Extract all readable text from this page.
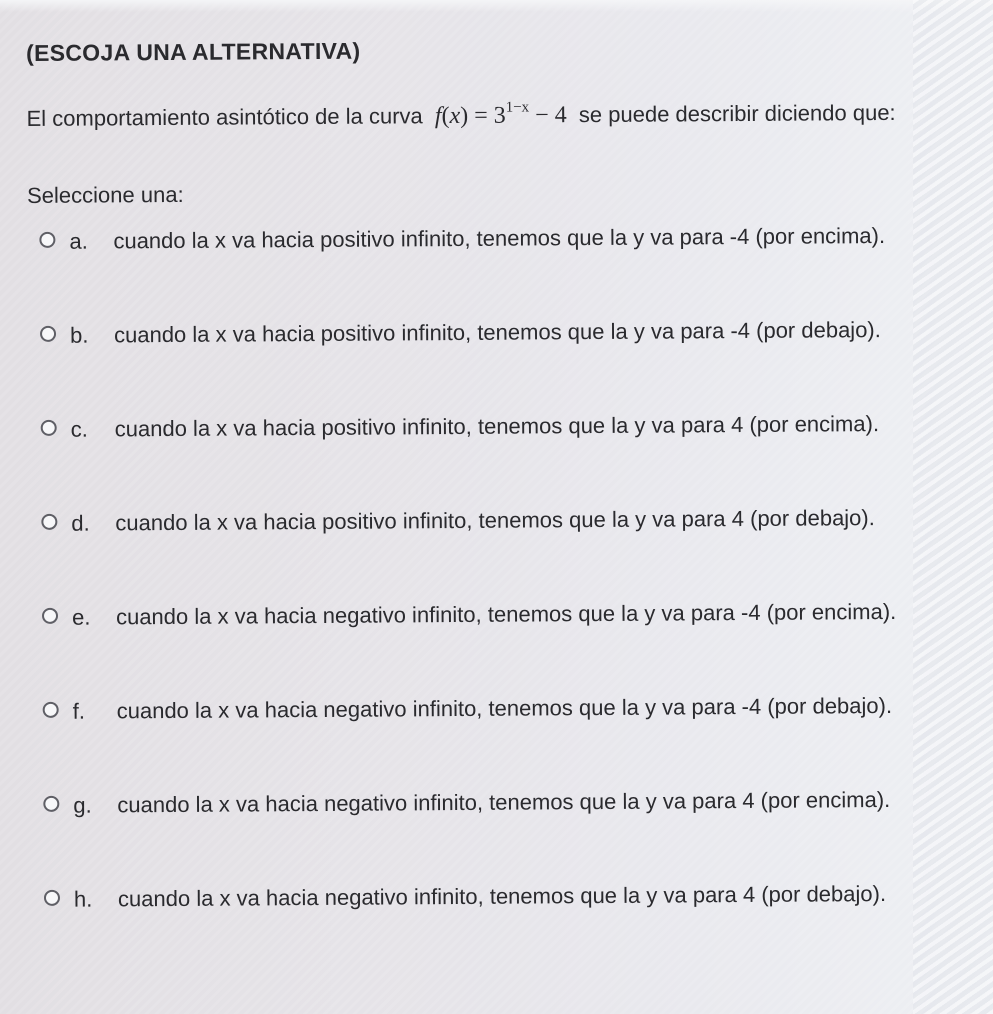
(ESCOJA UNA ALTERNATIVA)

El comportamiento asintótico de la curva $f(x) = 3^{1-x} - 4$ se puede describir diciendo que:

Seleccione una:
a.	cuando la x va hacia positivo infinito, tenemos que la y va para -4 (por encima).
b.	cuando la x va hacia positivo infinito, tenemos que la y va para -4 (por debajo).
c.	cuando la x va hacia positivo infinito, tenemos que la y va para 4 (por encima).
d.	cuando la x va hacia positivo infinito, tenemos que la y va para 4 (por debajo).
e.	cuando la x va hacia negativo infinito, tenemos que la y va para -4 (por encima).
f.	cuando la x va hacia negativo infinito, tenemos que la y va para -4 (por debajo).
g.	cuando la x va hacia negativo infinito, tenemos que la y va para 4 (por encima).
h.	cuando la x va hacia negativo infinito, tenemos que la y va para 4 (por debajo).
